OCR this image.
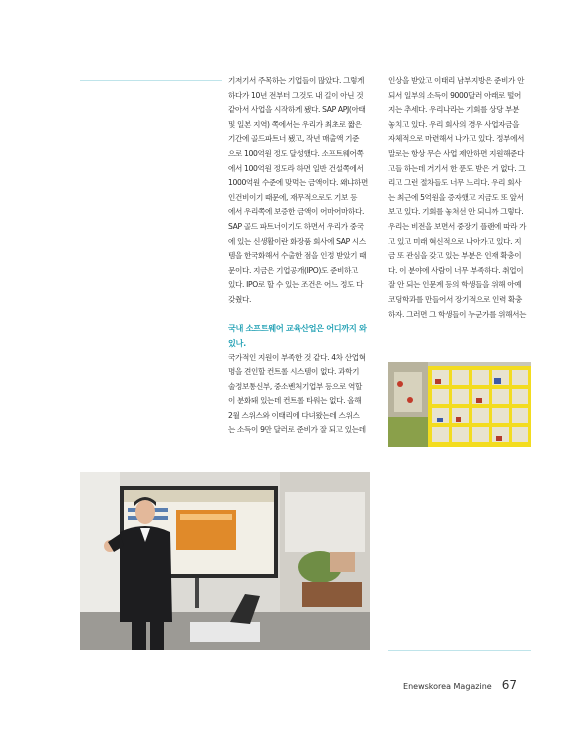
기저기서 주목하는 기업들이 많았다. 그렇게
하다가 10년 전부터 그것도 내 길이 아닌 것
같아서 사업을 시작하게 됐다. SAP APJ(아태
및 일본 지역) 쪽에서는 우리가 최초로 짧은
기간에 골드파트너 됐고, 작년 매출액 기준
으로 100억원 정도 달성했다. 소프트웨어쪽
에서 100억원 정도라 하면 일반 건설쪽에서
1000억원 수준에 맞먹는 금액이다. 왜냐하면
인건비이기 때문에, 재무적으로도 기보 등
에서 우리쪽에 보증한 금액이 어마어마하다.
SAP 골드 파트너이기도 하면서 우리가 중국
에 있는 신생활이란 화장품 회사에 SAP 시스
템을 한국화해서 수출한 점을 인정 받았기 때
문이다. 지금은 기업공개(IPO)도 준비하고
있다. IPO로 할 수 있는 조건은 어느 정도 다
갖췄다.
국내 소프트웨어 교육산업은 어디까지 와
있나.
국가적인 지원이 부족한 것 같다. 4차 산업혁
명을 견인할 컨트롤 시스템이 없다. 과학기
술정보통신부, 중소벤처기업부 등으로 역할
이 분화돼 있는데 컨트롤 타워는 없다. 올해
2월 스위스와 이태리에 다녀왔는데 스위스
는 소득이 9만 달러로 준비가 잘 되고 있는데
인상을 받았고 이태리 남부지방은 준비가 안
되서 일부의 소득이 9000달러 아래로 떨어
지는 추세다. 우리나라는 기회를 상당 부분
놓치고 있다. 우리 회사의 경우 사업자금을
자체적으로 마련해서 나가고 있다. 정부에서
말로는 항상 무슨 사업 제안하면 지원해준다
고들 하는데 거기서 한 푼도 받은 거 없다. 그
리고 그런 절차들도 너무 느리다. 우리 회사
는 최근에 5억원을 증자했고 지금도 또 앞서
보고 있다. 기회를 놓쳐선 안 되니까 그렇다.
우리는 비전을 보면서 중장기 플랜에 따라 가
고 있고 미래 혁신적으로 나아가고 있다. 지
금 또 관심을 갖고 있는 부분은 인재 확충이
다. 이 분야에 사람이 너무 부족하다. 취업이
잘 안 되는 인문계 등의 학생들을 위해 아예
코딩학과를 만들어서 장기적으로 인력 확충
하자. 그러면 그 학생들이 누군가를 위해서는
Enewskorea Magazine 67
